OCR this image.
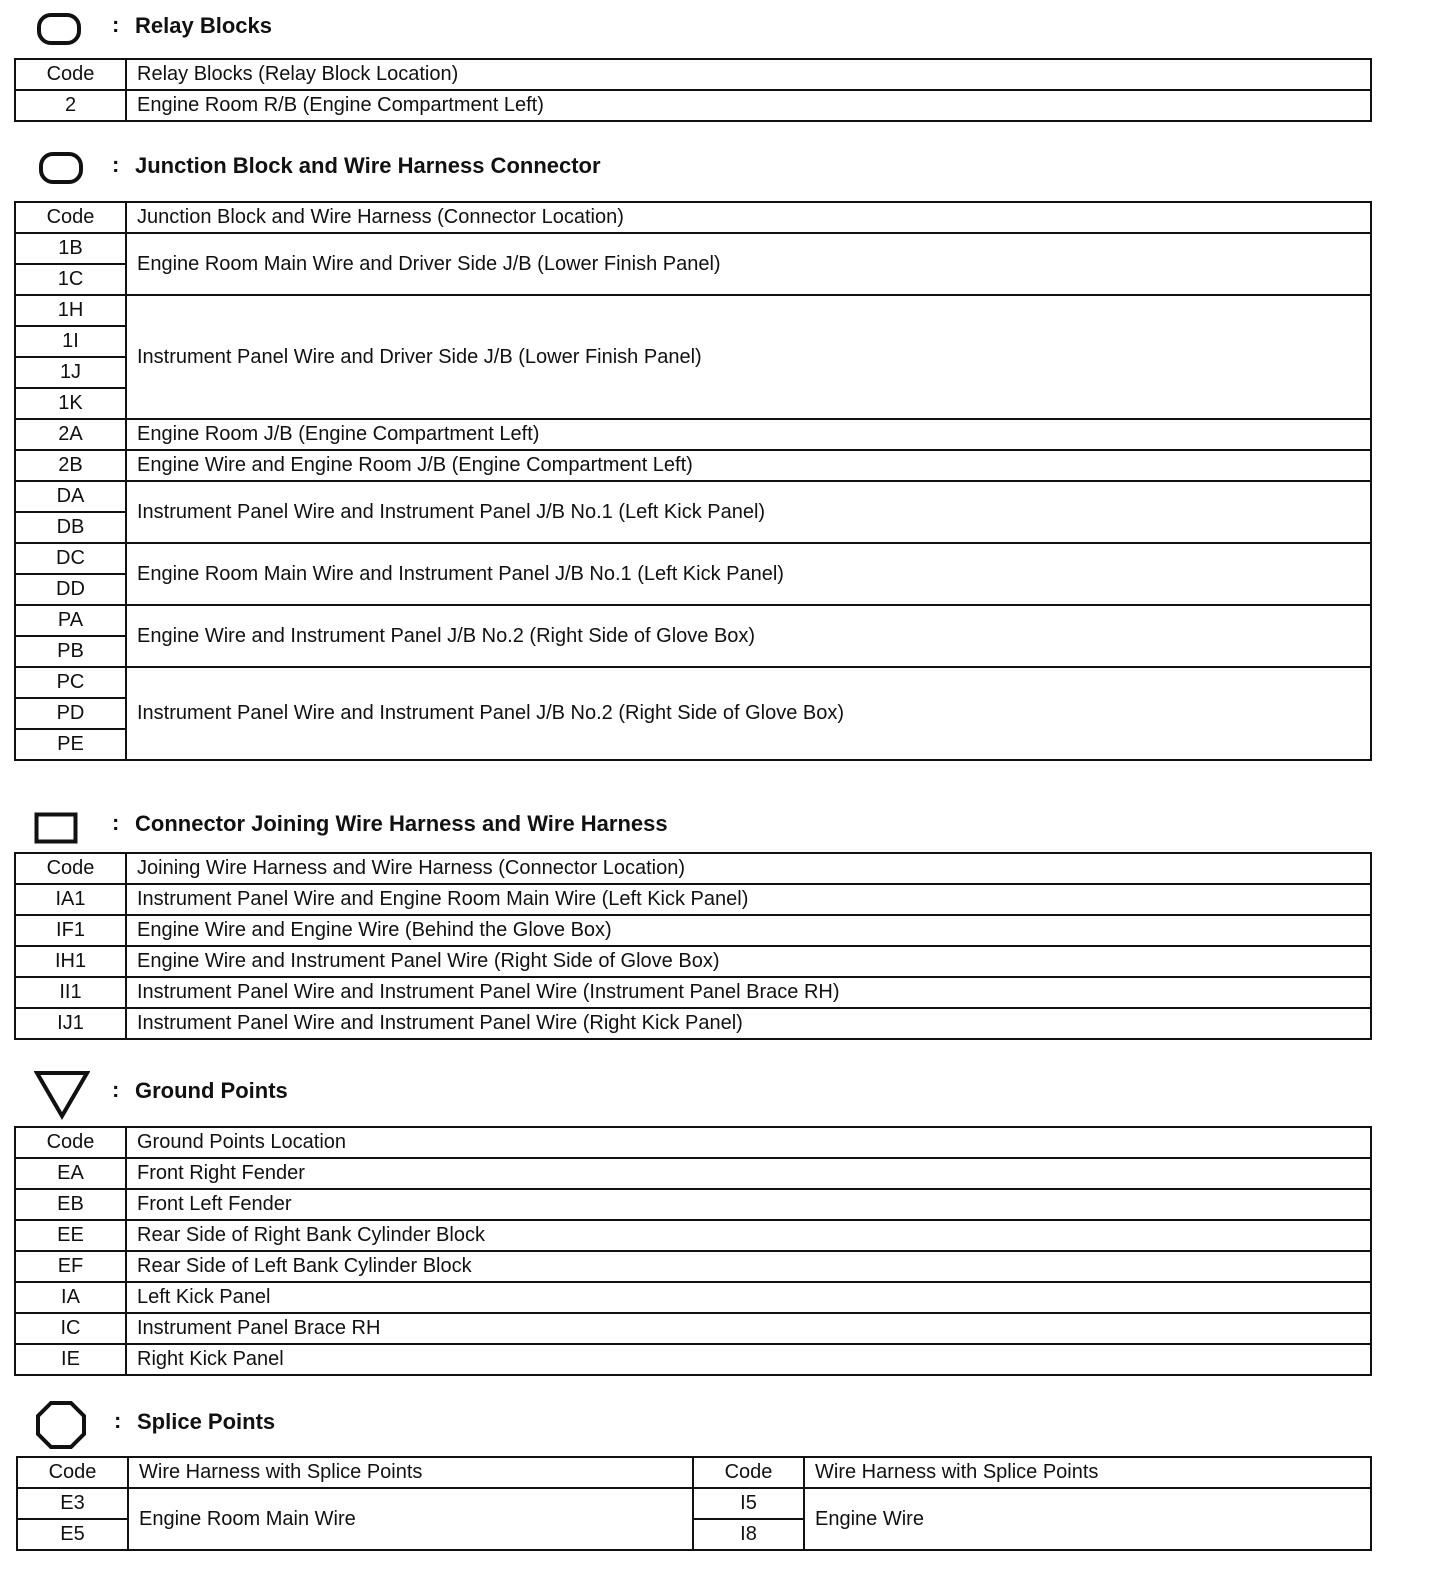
: Relay Blocks
Code	Relay Blocks (Relay Block Location)
2	Engine Room R/B (Engine Compartment Left)
: Junction Block and Wire Harness Connector
Code	Junction Block and Wire Harness (Connector Location)
1B	Engine Room Main Wire and Driver Side J/B (Lower Finish Panel)
1C	
1H	Instrument Panel Wire and Driver Side J/B (Lower Finish Panel)
1I	
1J	
1K	
2A	Engine Room J/B (Engine Compartment Left)
2B	Engine Wire and Engine Room J/B (Engine Compartment Left)
DA	Instrument Panel Wire and Instrument Panel J/B No.1 (Left Kick Panel)
DB	
DC	Engine Room Main Wire and Instrument Panel J/B No.1 (Left Kick Panel)
DD	
PA	Engine Wire and Instrument Panel J/B No.2 (Right Side of Glove Box)
PB	
PC	Instrument Panel Wire and Instrument Panel J/B No.2 (Right Side of Glove Box)
PD	
PE	
: Connector Joining Wire Harness and Wire Harness
Code	Joining Wire Harness and Wire Harness (Connector Location)
IA1	Instrument Panel Wire and Engine Room Main Wire (Left Kick Panel)
IF1	Engine Wire and Engine Wire (Behind the Glove Box)
IH1	Engine Wire and Instrument Panel Wire (Right Side of Glove Box)
II1	Instrument Panel Wire and Instrument Panel Wire (Instrument Panel Brace RH)
IJ1	Instrument Panel Wire and Instrument Panel Wire (Right Kick Panel)
: Ground Points
Code	Ground Points Location
EA	Front Right Fender
EB	Front Left Fender
EE	Rear Side of Right Bank Cylinder Block
EF	Rear Side of Left Bank Cylinder Block
IA	Left Kick Panel
IC	Instrument Panel Brace RH
IE	Right Kick Panel
: Splice Points
Code	Wire Harness with Splice Points	Code	Wire Harness with Splice Points
E3	Engine Room Main Wire	I5	Engine Wire
E5		I8	
